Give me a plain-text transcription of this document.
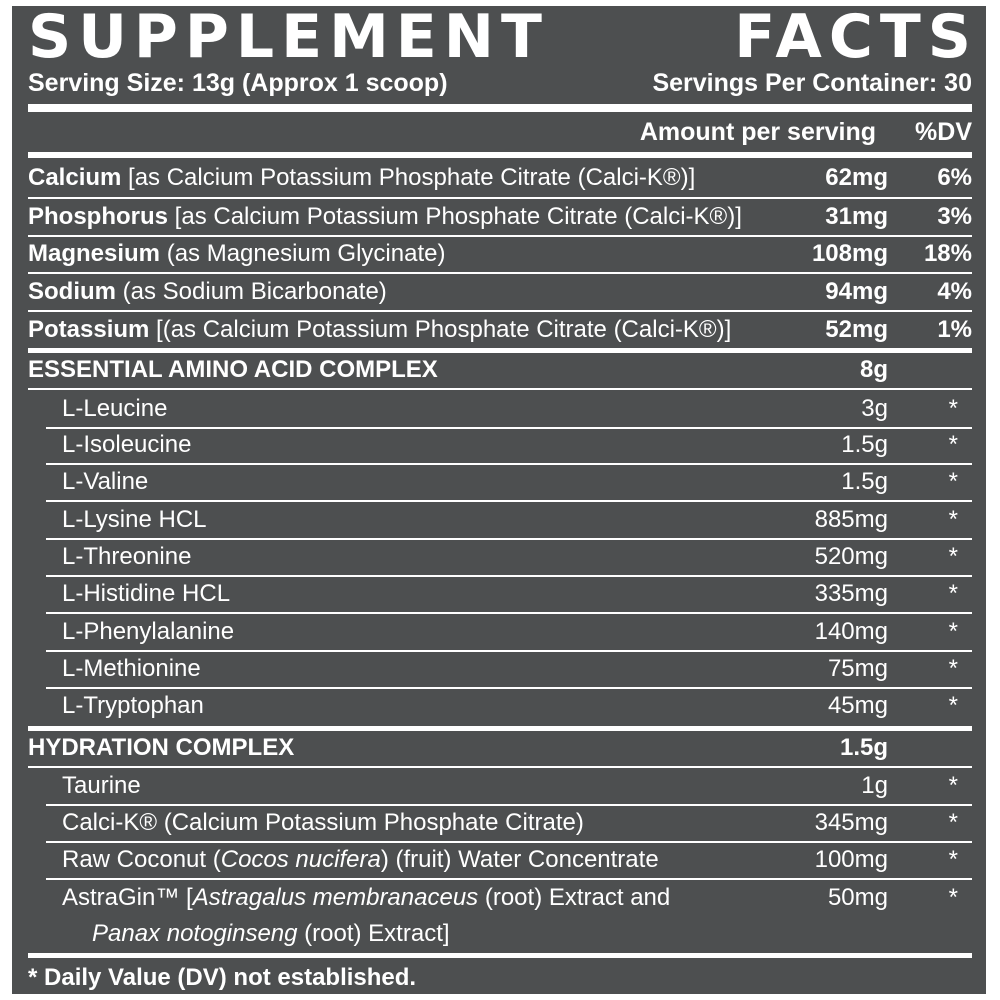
SUPPLEMENT FACTS
Serving Size: 13g (Approx 1 scoop)	Servings Per Container: 30
Amount per serving %DV
Calcium [as Calcium Potassium Phosphate Citrate (Calci-K®)]	62mg 6%
Phosphorus [as Calcium Potassium Phosphate Citrate (Calci-K®)]	31mg 3%
Magnesium (as Magnesium Glycinate)	108mg 18%
Sodium (as Sodium Bicarbonate)	94mg 4%
Potassium [(as Calcium Potassium Phosphate Citrate (Calci-K®)]	52mg 1%
ESSENTIAL AMINO ACID COMPLEX	8g
L-Leucine	3g	*
L-Isoleucine	1.5g	*
L-Valine	1.5g	*
L-Lysine HCL	885mg	*
L-Threonine	520mg	*
L-Histidine HCL	335mg	*
L-Phenylalanine	140mg	*
L-Methionine	75mg	*
L-Tryptophan	45mg	*
HYDRATION COMPLEX	1.5g
Taurine	1g	*
Calci-K® (Calcium Potassium Phosphate Citrate)	345mg	*
Raw Coconut (Cocos nucifera) (fruit) Water Concentrate	100mg	*
AstraGin™ [Astragalus membranaceus (root) Extract and
Panax notoginseng (root) Extract]
50mg	*
* Daily Value (DV) not established.
